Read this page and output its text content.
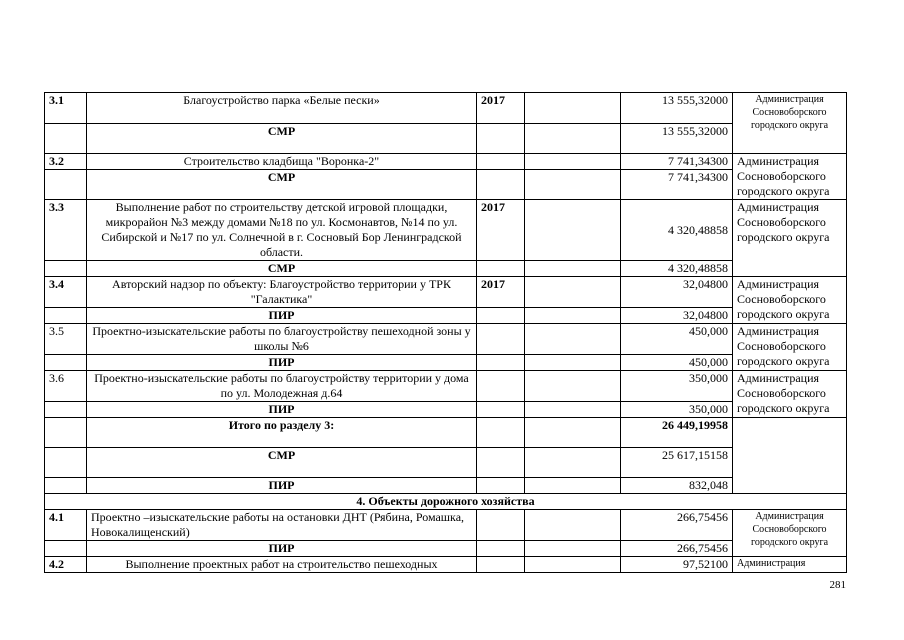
3.1	Благоустройство парка «Белые пески»	2017		13 555,32000	Администрация Сосновоборского городского округа
	СМР			13 555,32000	
3.2	Строительство кладбища "Воронка-2"			7 741,34300	Администрация Сосновоборского городского округа
	СМР			7 741,34300	
3.3	Выполнение работ по строительству детской игровой площадки, микрорайон №3 между домами №18 по ул. Космонавтов, №14 по ул. Сибирской и №17 по ул. Солнечной в г. Сосновый Бор Ленинградской области.	2017		4 320,48858	Администрация Сосновоборского городского округа
	СМР			4 320,48858	
3.4	Авторский надзор по объекту: Благоустройство территории у ТРК "Галактика"	2017		32,04800	Администрация Сосновоборского городского округа
	ПИР			32,04800	
3.5	Проектно-изыскательские работы по благоустройству пешеходной зоны у школы №6			450,000	Администрация Сосновоборского городского округа
	ПИР			450,000	
3.6	Проектно-изыскательские работы по благоустройству территории у дома по ул. Молодежная д.64			350,000	Администрация Сосновоборского городского округа
	ПИР			350,000	
	Итого по разделу 3:			26 449,19958	
	СМР			25 617,15158	
	ПИР			832,048	
4. Объекты дорожного хозяйства					
4.1	Проектно –изыскательские работы на остановки ДНТ (Рябина, Ромашка, Новокалищенский)			266,75456	Администрация Сосновоборского городского округа
	ПИР			266,75456	
4.2	Выполнение проектных работ на строительство пешеходных			97,52100	Администрация
281
